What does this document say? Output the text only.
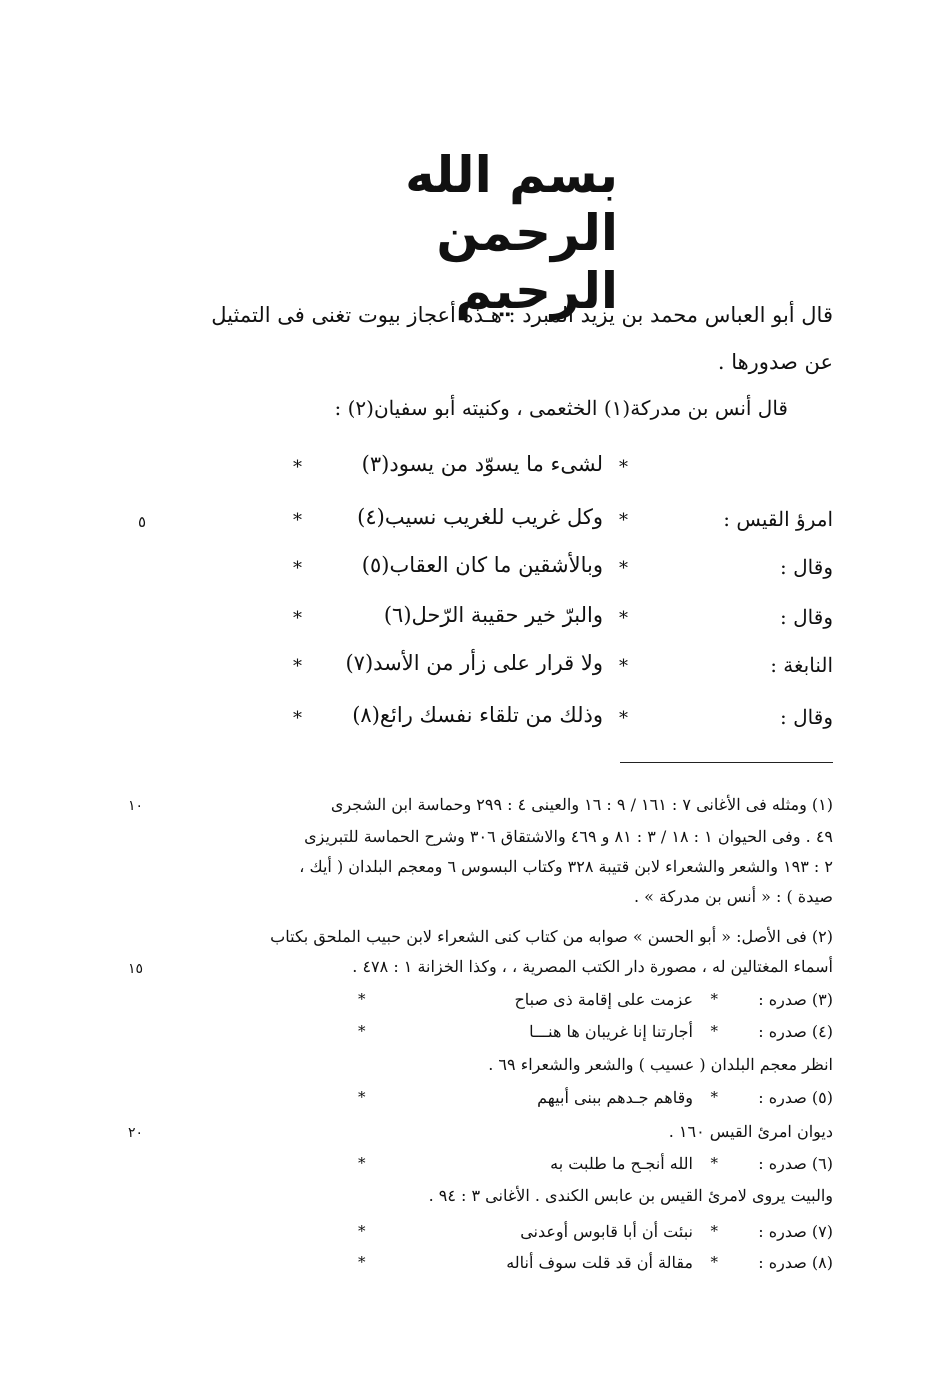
بسم الله الرحمن الرحيم
قال أبو العباس محمد بن يزيد المبرد : هـذه أعجاز بيوت تغنى فى التمثيل
عن صدورها .
قال أنس بن مدركة(١) الخثعمى ، وكنيته أبو سفيان(٢) :
*
لشىء ما يسوّد من يسود(٣)
*
امرؤ القيس :
*
وكل غريب للغريب نسيب(٤)
*
٥
وقال :
*
وبالأشقين ما كان العقاب(٥)
*
وقال :
*
والبرّ خير حقيبة الرّحل(٦)
*
النابغة :
*
ولا قرار على زأر من الأسد(٧)
*
وقال :
*
وذلك من تلقاء نفسك رائع(٨)
*
(١) ومثله فى الأغانى ٧ : ١٦١ / ٩ : ١٦ والعينى ٤ : ٢٩٩ وحماسة ابن الشجرى
١٠
٤٩ . وفى الحيوان ١ : ١٨ / ٣ : ٨١ و ٤٦٩ والاشتقاق ٣٠٦ وشرح الحماسة للتبريزى
٢ : ١٩٣ والشعر والشعراء لابن قتيبة ٣٢٨ وكتاب البسوس ٦ ومعجم البلدان ( أيك ،
صيدة ) : « أنس بن مدركة » .
(٢) فى الأصل: « أبو الحسن » صوابه من كتاب كنى الشعراء لابن حبيب الملحق بكتاب
أسماء المغتالين له ، مصورة دار الكتب المصرية ، ، وكذا الخزانة ١ : ٤٧٨ .
١٥
(٣) صدره :
*
عزمت على إقامة ذى صباح
*
(٤) صدره :
*
أجارتنا إنا غريبان ها هنـــا
*
انظر معجم البلدان ( عسيب ) والشعر والشعراء ٦٩ .
(٥) صدره :
*
وقاهم جـدهم ببنى أبيهم
*
ديوان امرئ القيس ١٦٠ .
٢٠
(٦) صدره :
*
الله أنجـح ما طلبت به
*
والبيت يروى لامرئ القيس بن عابس الكندى . الأغانى ٣ : ٩٤ .
(٧) صدره :
*
نبئت أن أبا قابوس أوعدنى
*
(٨) صدره :
*
مقالة أن قد قلت سوف أناله
*
